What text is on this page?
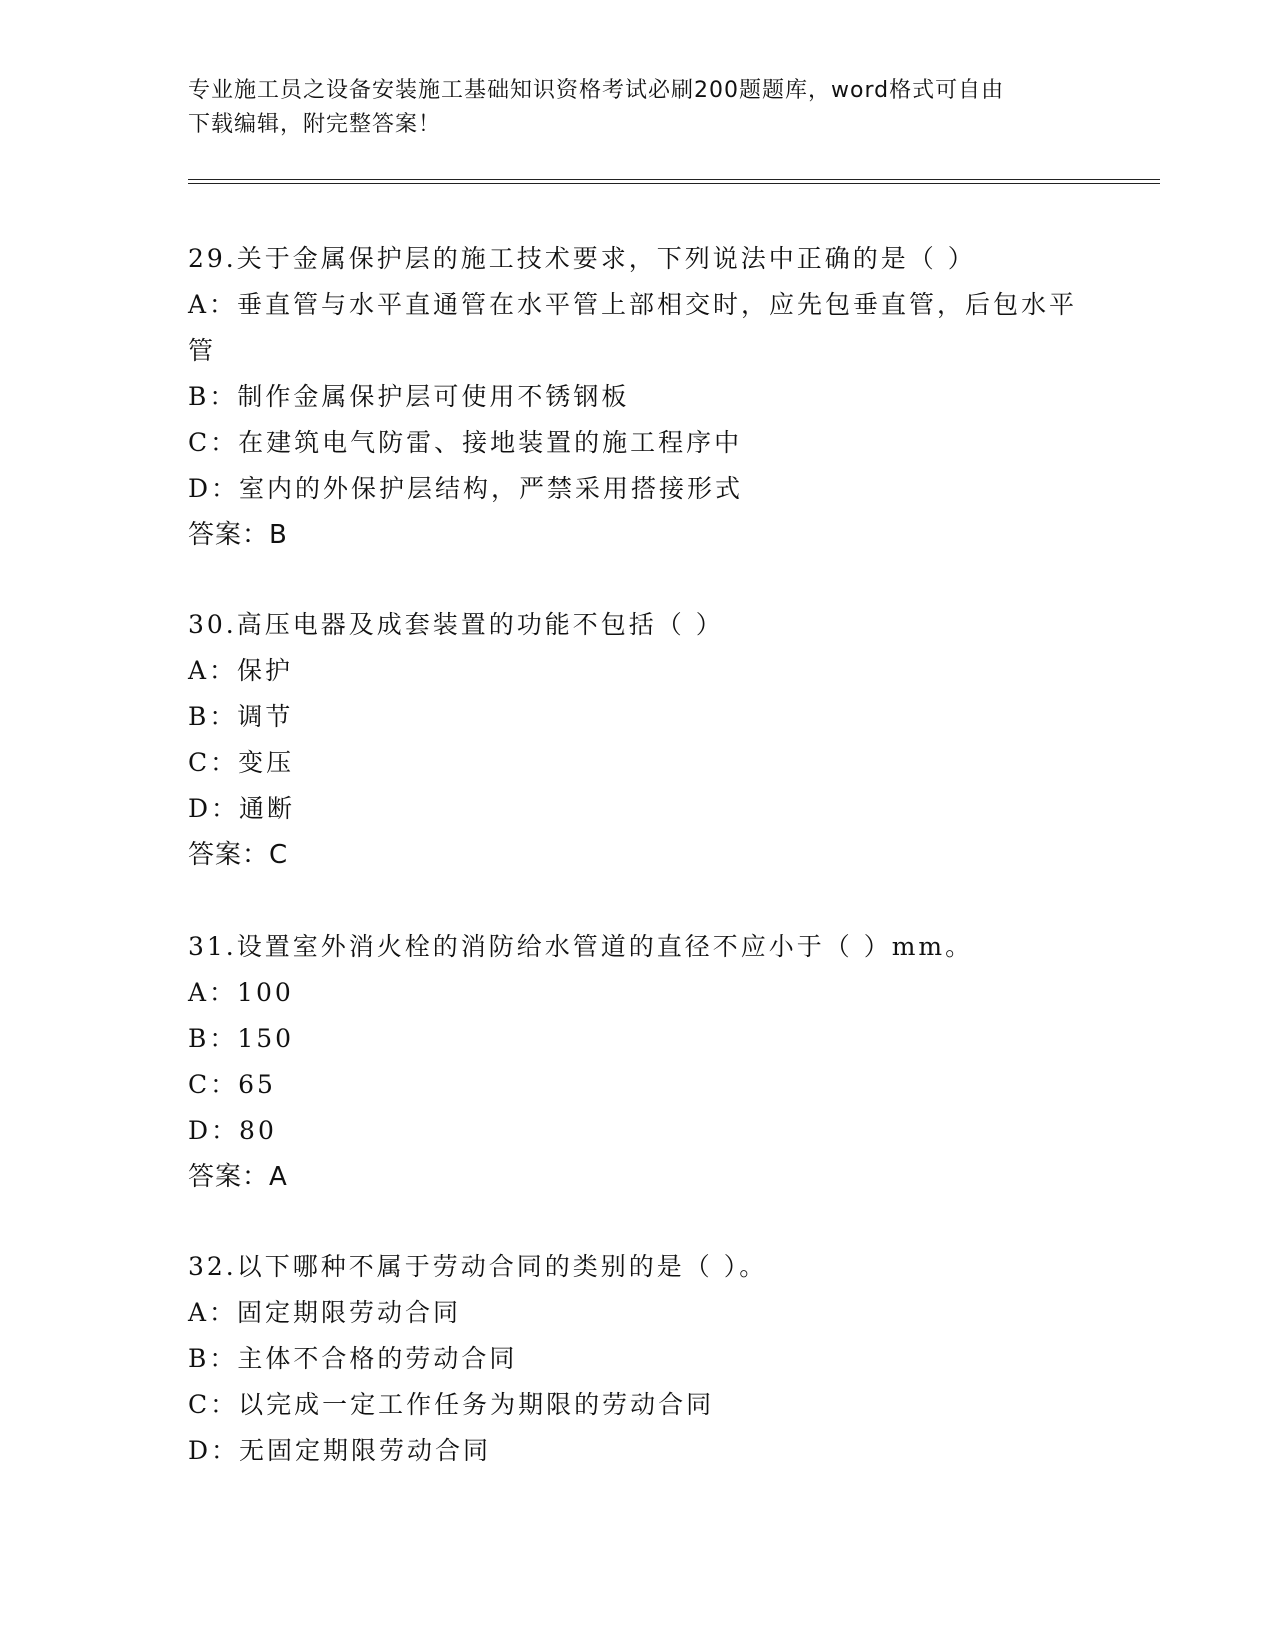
专业施工员之设备安装施工基础知识资格考试必刷200题题库，word格式可自由
下载编辑，附完整答案！
29.关于金属保护层的施工技术要求，下列说法中正确的是（ ）
A：垂直管与水平直通管在水平管上部相交时，应先包垂直管，后包水平管
B：制作金属保护层可使用不锈钢板
C：在建筑电气防雷、接地装置的施工程序中
D：室内的外保护层结构，严禁采用搭接形式
答案：B
30.高压电器及成套装置的功能不包括（ ）
A：保护
B：调节
C：变压
D：通断
答案：C
31.设置室外消火栓的消防给水管道的直径不应小于（ ）mm。
A：100
B：150
C：65
D：80
答案：A
32.以下哪种不属于劳动合同的类别的是（ ）。
A：固定期限劳动合同
B：主体不合格的劳动合同
C：以完成一定工作任务为期限的劳动合同
D：无固定期限劳动合同
